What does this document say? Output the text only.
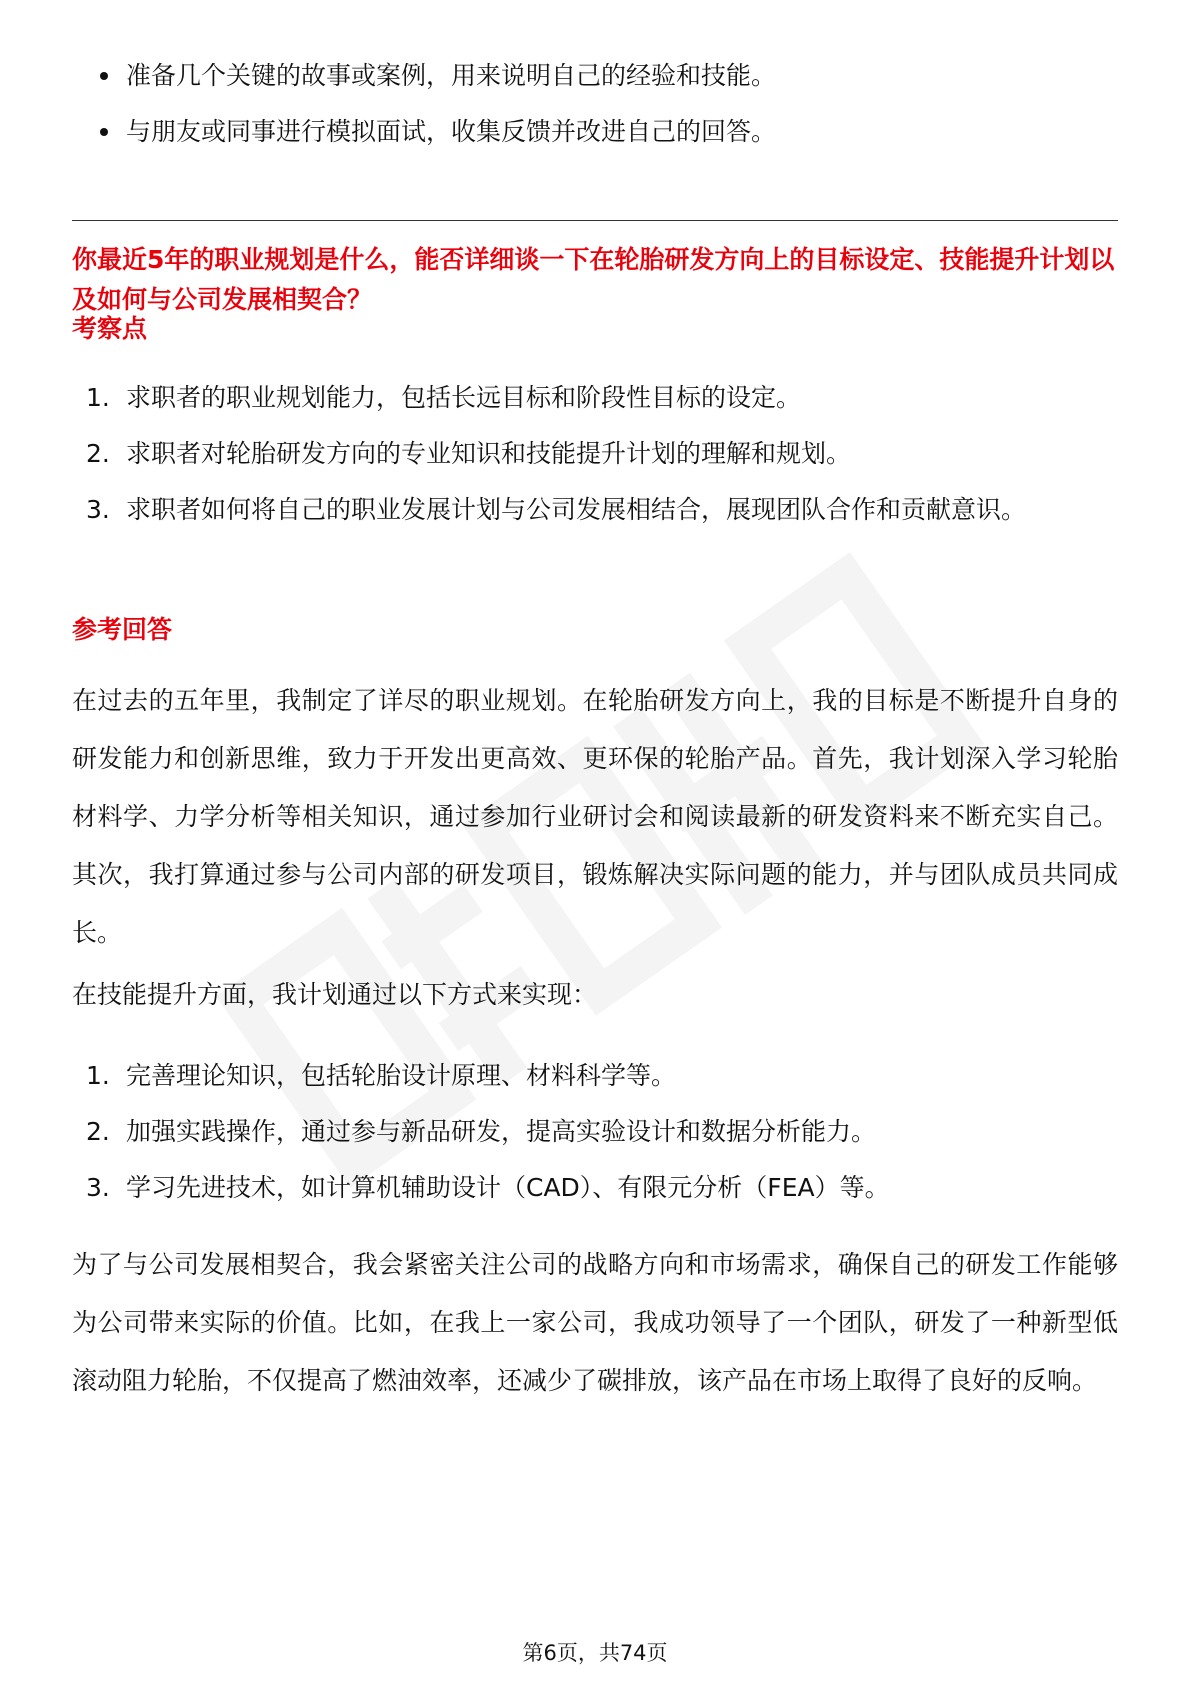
准备几个关键的故事或案例，用来说明自己的经验和技能。
与朋友或同事进行模拟面试，收集反馈并改进自己的回答。
你最近5年的职业规划是什么，能否详细谈一下在轮胎研发方向上的目标设定、技能提升计划以及如何与公司发展相契合？
考察点
1. 求职者的职业规划能力，包括长远目标和阶段性目标的设定。
2. 求职者对轮胎研发方向的专业知识和技能提升计划的理解和规划。
3. 求职者如何将自己的职业发展计划与公司发展相结合，展现团队合作和贡献意识。
参考回答

在过去的五年里，我制定了详尽的职业规划。在轮胎研发方向上，我的目标是不断提升自身的研发能力和创新思维，致力于开发出更高效、更环保的轮胎产品。首先，我计划深入学习轮胎材料学、力学分析等相关知识，通过参加行业研讨会和阅读最新的研发资料来不断充实自己。其次，我打算通过参与公司内部的研发项目，锻炼解决实际问题的能力，并与团队成员共同成长。

在技能提升方面，我计划通过以下方式来实现：

1. 完善理论知识，包括轮胎设计原理、材料科学等。
2. 加强实践操作，通过参与新品研发，提高实验设计和数据分析能力。
3. 学习先进技术，如计算机辅助设计（CAD）、有限元分析（FEA）等。

为了与公司发展相契合，我会紧密关注公司的战略方向和市场需求，确保自己的研发工作能够为公司带来实际的价值。比如，在我上一家公司，我成功领导了一个团队，研发了一种新型低滚动阻力轮胎，不仅提高了燃油效率，还减少了碳排放，该产品在市场上取得了良好的反响。

第6页，共74页
